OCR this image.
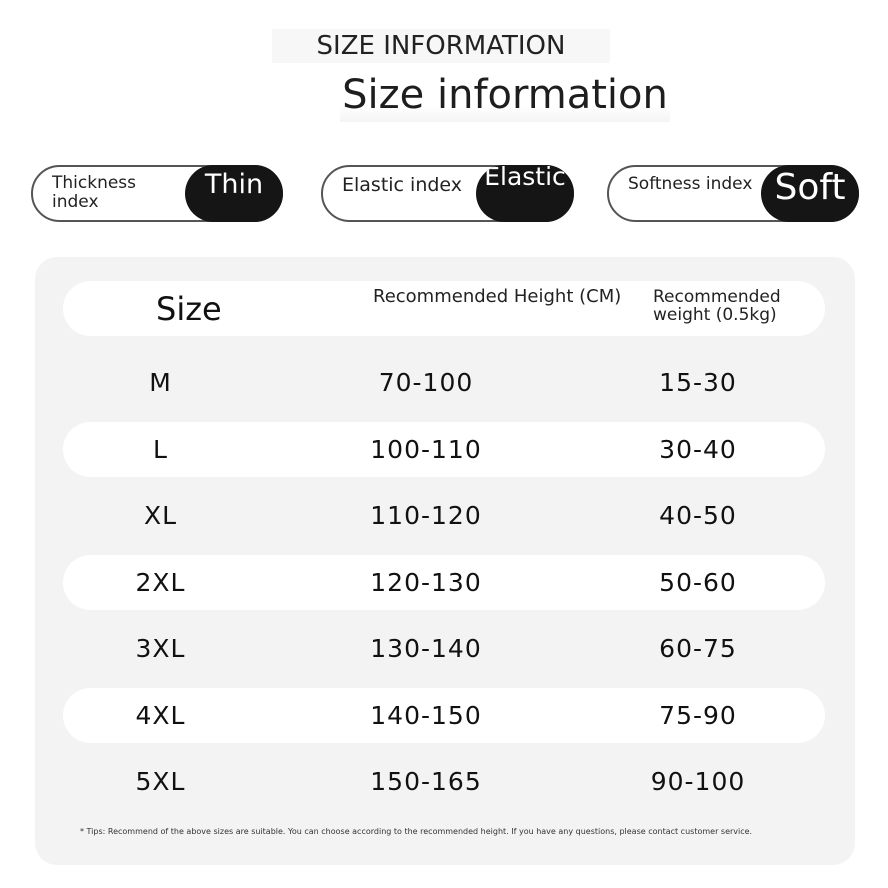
SIZE INFORMATION
Size information
Thickness index
Thin	Elastic index Elastic	Softness index Soft
Size	Recommended Height (CM) Recommended weight (0.5kg)
M	70-100	15-30
L	100-110	30-40
XL	110-120	40-50
2XL	120-130	50-60
3XL	130-140	60-75
4XL	140-150	75-90
5XL	150-165	90-100
* Tips: Recommend of the above sizes are suitable. You can choose according to the recommended height. If you have any questions, please contact customer service.
